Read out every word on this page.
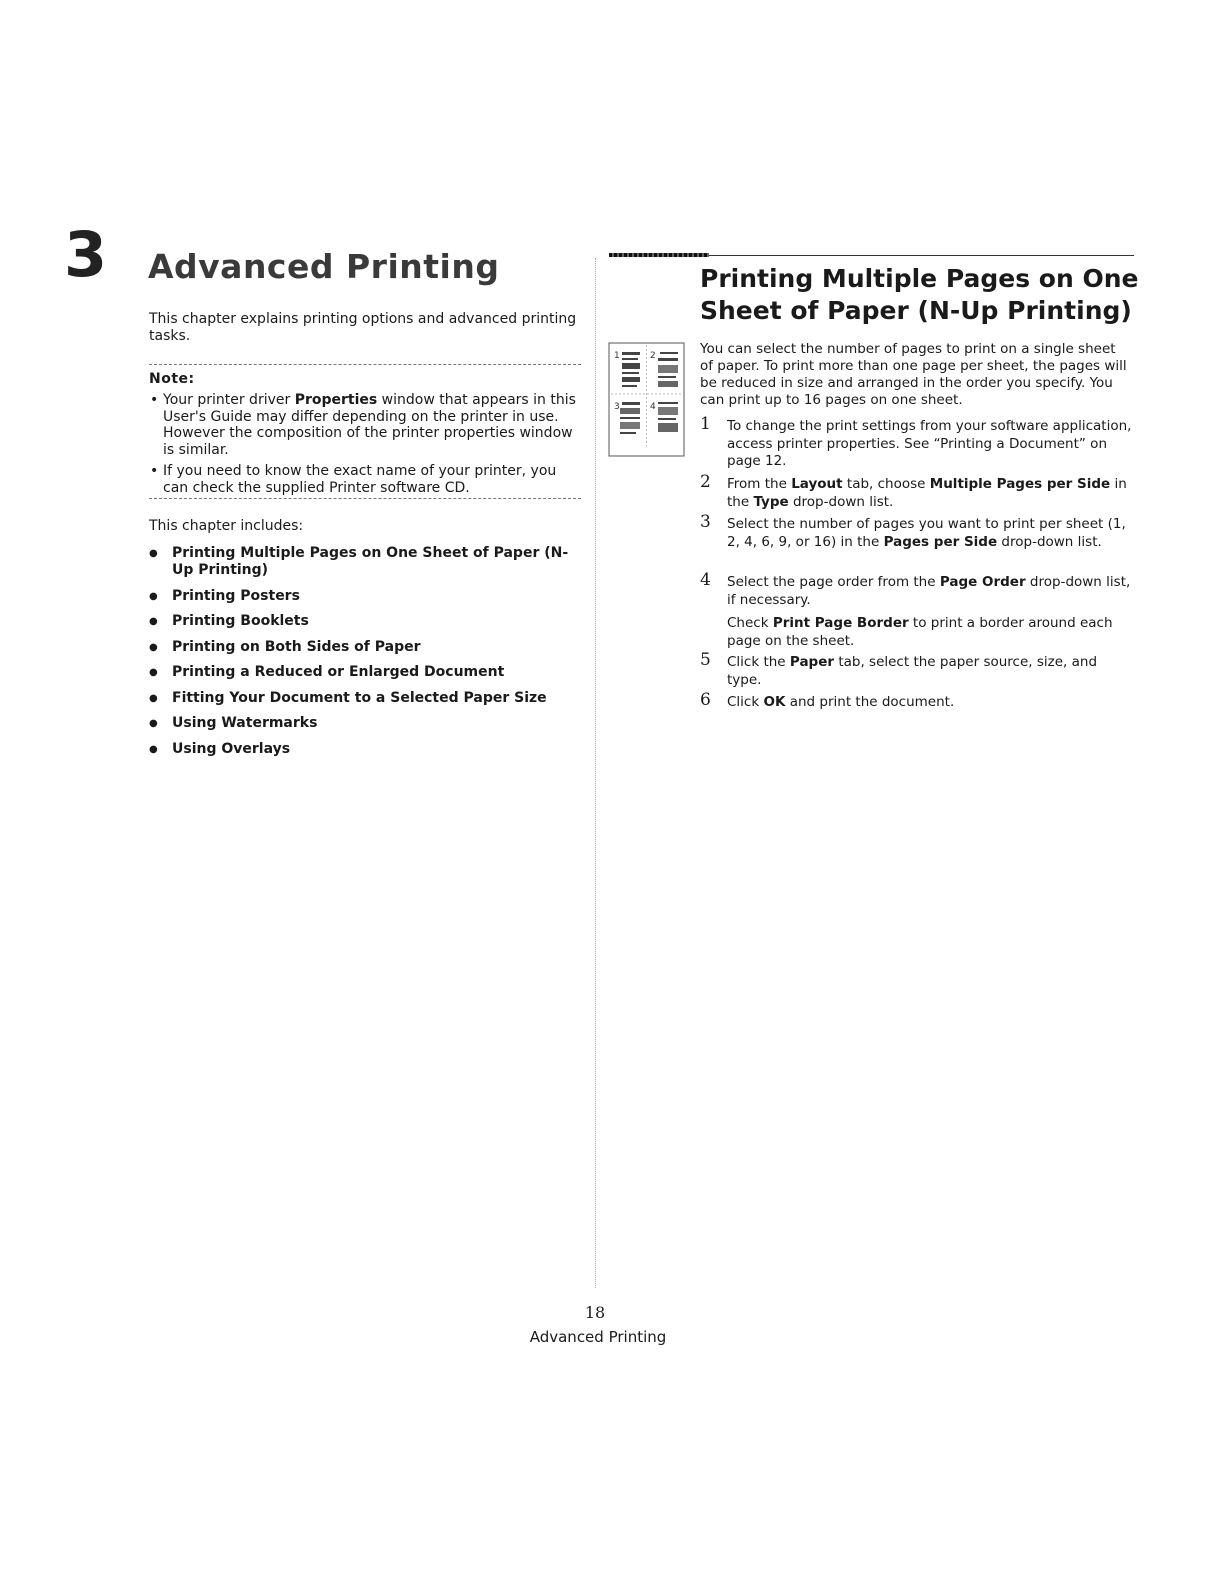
3 Advanced Printing
This chapter explains printing options and advanced printing tasks.
Note:
• Your printer driver Properties window that appears in this User's Guide may differ depending on the printer in use. However the composition of the printer properties window is similar.
• If you need to know the exact name of your printer, you can check the supplied Printer software CD.
This chapter includes:
● Printing Multiple Pages on One Sheet of Paper (N-Up Printing)
● Printing Posters
● Printing Booklets
● Printing on Both Sides of Paper
● Printing a Reduced or Enlarged Document
● Fitting Your Document to a Selected Paper Size
● Using Watermarks
● Using Overlays
1	2
3	4
Printing Multiple Pages on One Sheet of Paper (N-Up Printing)
You can select the number of pages to print on a single sheet of paper. To print more than one page per sheet, the pages will be reduced in size and arranged in the order you specify. You can print up to 16 pages on one sheet.
1 To change the print settings from your software application, access printer properties. See “Printing a Document” on page 12.
2 From the Layout tab, choose Multiple Pages per Side in the Type drop-down list.
3 Select the number of pages you want to print per sheet (1, 2, 4, 6, 9, or 16) in the Pages per Side drop-down list.
4 Select the page order from the Page Order drop-down list, if necessary.
Check Print Page Border to print a border around each page on the sheet.
5 Click the Paper tab, select the paper source, size, and type.
6 Click OK and print the document.
18
Advanced Printing
